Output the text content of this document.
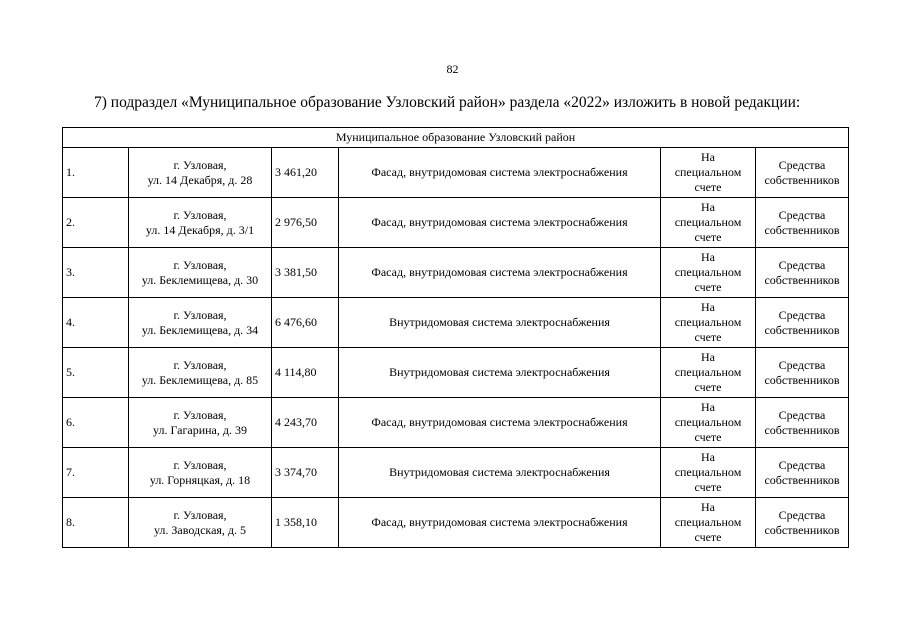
82
7) подраздел «Муниципальное образование Узловский район» раздела «2022» изложить в новой редакции:
Муниципальное образование Узловский район					
1.	г. Узловая,
ул. 14 Декабря, д. 28	3 461,20	Фасад, внутридомовая система электроснабжения	На
специальном
счете	Средства
собственников

2.	г. Узловая,
ул. 14 Декабря, д. 3/1	2 976,50	Фасад, внутридомовая система электроснабжения	На
специальном
счете	Средства
собственников

3.	г. Узловая,
ул. Беклемищева, д. 30	3 381,50	Фасад, внутридомовая система электроснабжения	На
специальном
счете	Средства
собственников

4.	г. Узловая,
ул. Беклемищева, д. 34	6 476,60	Внутридомовая система электроснабжения	На
специальном
счете	Средства
собственников

5.	г. Узловая,
ул. Беклемищева, д. 85	4 114,80	Внутридомовая система электроснабжения	На
специальном
счете	Средства
собственников

6.	г. Узловая,
ул. Гагарина, д. 39	4 243,70	Фасад, внутридомовая система электроснабжения	На
специальном
счете	Средства
собственников

7.	г. Узловая,
ул. Горняцкая, д. 18	3 374,70	Внутридомовая система электроснабжения	На
специальном
счете	Средства
собственников

8.	г. Узловая,
ул. Заводская, д. 5	1 358,10	Фасад, внутридомовая система электроснабжения	На
специальном
счете	Средства
собственников
